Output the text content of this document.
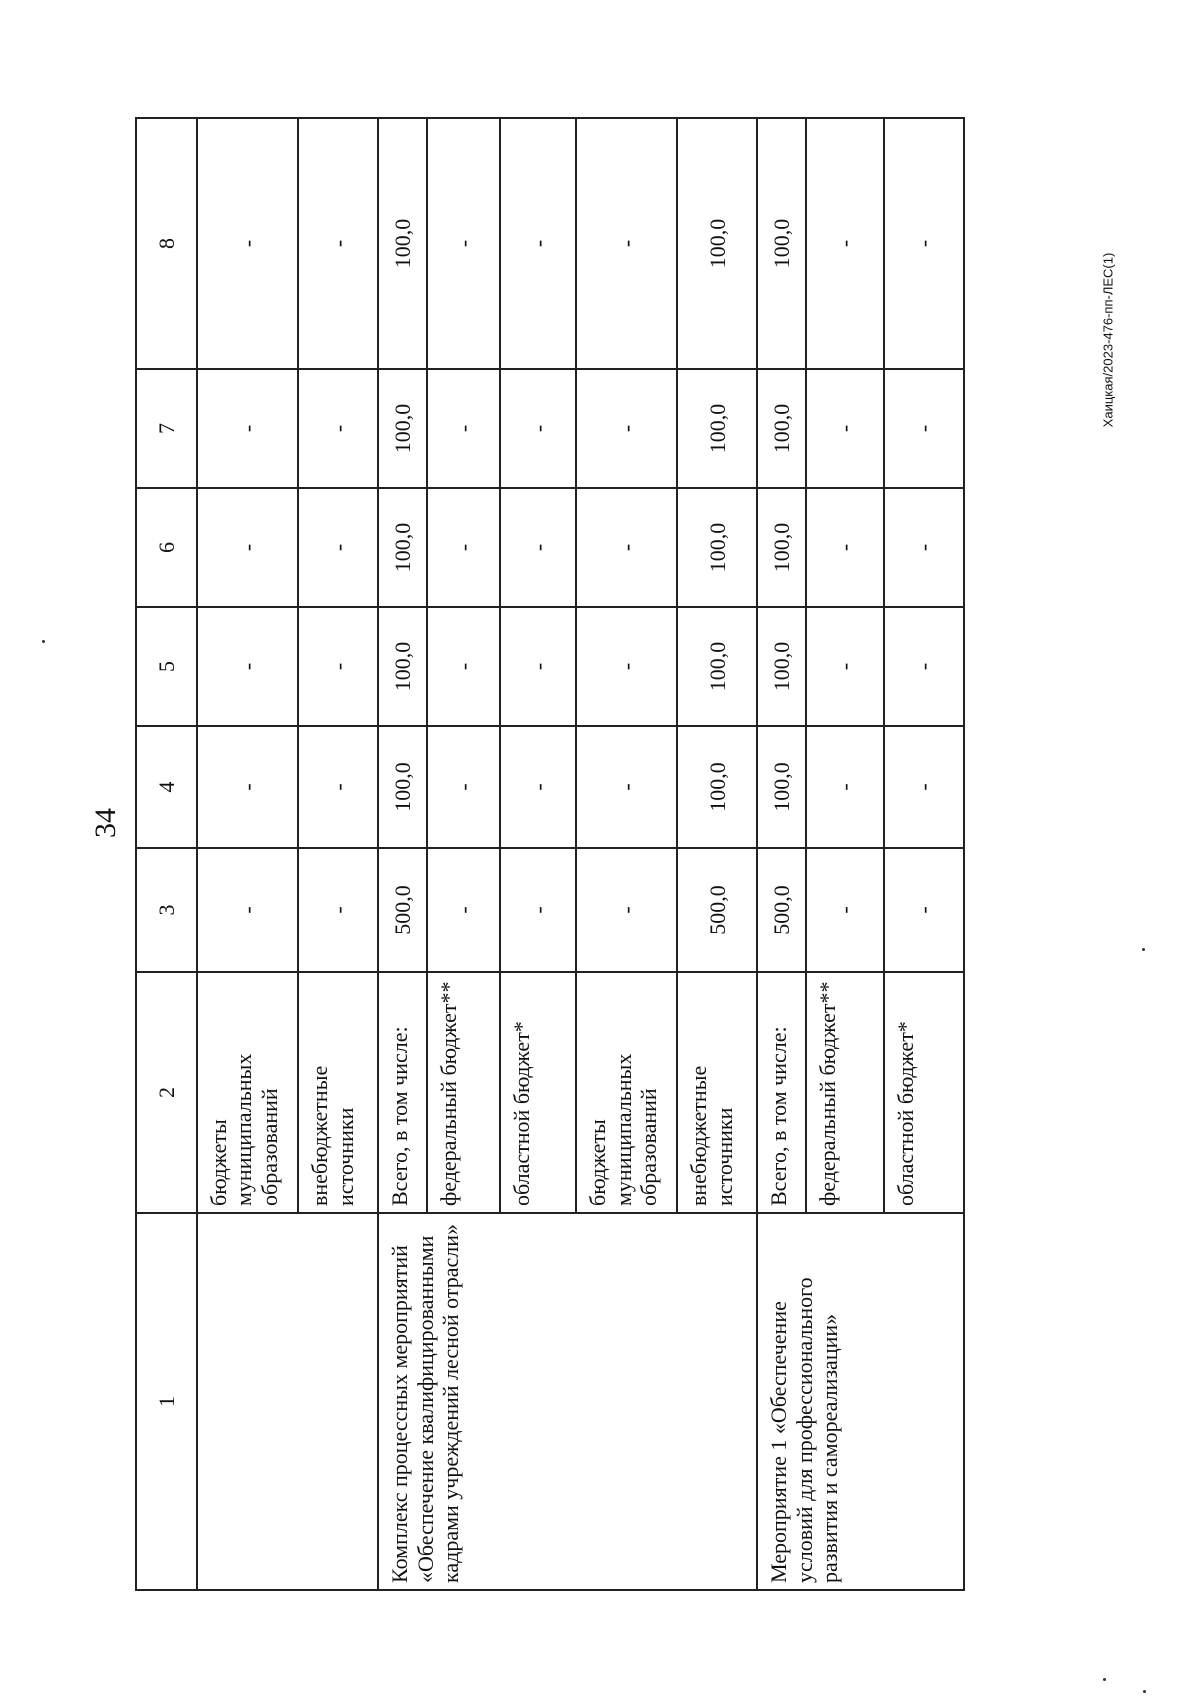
34
Хаицкая/2023-476-пп-ЛЕС(1)
1	2	3	4	5	6	7	8
	бюджеты муниципальных образований	-	-	-	-	-	-
	внебюджетные источники	-	-	-	-	-	-
Комплекс процессных мероприятий «Обеспечение квалифицированными кадрами учреждений лесной отрасли»	Всего, в том числе:	500,0	100,0	100,0	100,0	100,0	100,0
	федеральный бюджет**	-	-	-	-	-	-
	областной бюджет*	-	-	-	-	-	-
	бюджеты муниципальных образований	-	-	-	-	-	-
	внебюджетные источники	500,0	100,0	100,0	100,0	100,0	100,0
Мероприятие 1 «Обеспечение условий для профессионального развития и самореализации»	Всего, в том числе:	500,0	100,0	100,0	100,0	100,0	100,0
	федеральный бюджет**	-	-	-	-	-	-
	областной бюджет*	-	-	-	-	-	-
